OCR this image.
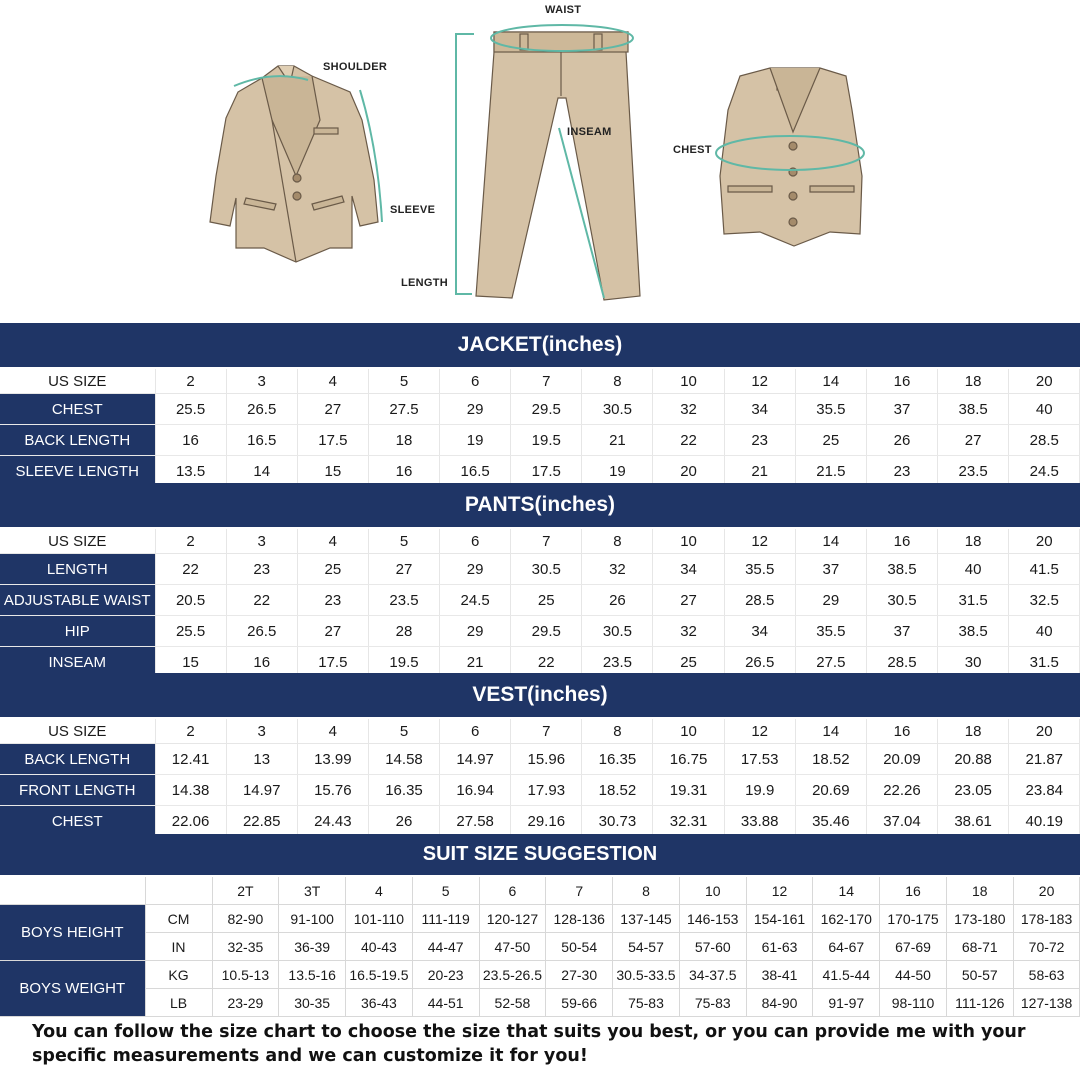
WAIST
SHOULDER
INSEAM
CHEST
SLEEVE
LENGTH
JACKET(inches)
US SIZE	2	3	4	5	6	7	8	10	12	14	16	18	20
CHEST	25.5	26.5	27	27.5	29	29.5	30.5	32	34	35.5	37	38.5	40
BACK LENGTH	16	16.5	17.5	18	19	19.5	21	22	23	25	26	27	28.5
SLEEVE LENGTH	13.5	14	15	16	16.5	17.5	19	20	21	21.5	23	23.5	24.5
PANTS(inches)
US SIZE	2	3	4	5	6	7	8	10	12	14	16	18	20
LENGTH	22	23	25	27	29	30.5	32	34	35.5	37	38.5	40	41.5
ADJUSTABLE WAIST	20.5	22	23	23.5	24.5	25	26	27	28.5	29	30.5	31.5	32.5
HIP	25.5	26.5	27	28	29	29.5	30.5	32	34	35.5	37	38.5	40
INSEAM	15	16	17.5	19.5	21	22	23.5	25	26.5	27.5	28.5	30	31.5
VEST(inches)
US SIZE	2	3	4	5	6	7	8	10	12	14	16	18	20
BACK LENGTH	12.41	13	13.99	14.58	14.97	15.96	16.35	16.75	17.53	18.52	20.09	20.88	21.87
FRONT LENGTH	14.38	14.97	15.76	16.35	16.94	17.93	18.52	19.31	19.9	20.69	22.26	23.05	23.84
CHEST	22.06	22.85	24.43	26	27.58	29.16	30.73	32.31	33.88	35.46	37.04	38.61	40.19
SUIT SIZE SUGGESTION
		2T	3T	4	5	6	7	8	10	12	14	16	18	20
BOYS HEIGHT	CM	82-90	91-100	101-110	111-119	120-127	128-136	137-145	146-153	154-161	162-170	170-175	173-180	178-183
	IN	32-35	36-39	40-43	44-47	47-50	50-54	54-57	57-60	61-63	64-67	67-69	68-71	70-72
BOYS WEIGHT	KG	10.5-13	13.5-16	16.5-19.5	20-23	23.5-26.5	27-30	30.5-33.5	34-37.5	38-41	41.5-44	44-50	50-57	58-63
	LB	23-29	30-35	36-43	44-51	52-58	59-66	75-83	75-83	84-90	91-97	98-110	111-126	127-138
You can follow the size chart to choose the size that suits you best, or you can provide me with your specific measurements and we can customize it for you!
